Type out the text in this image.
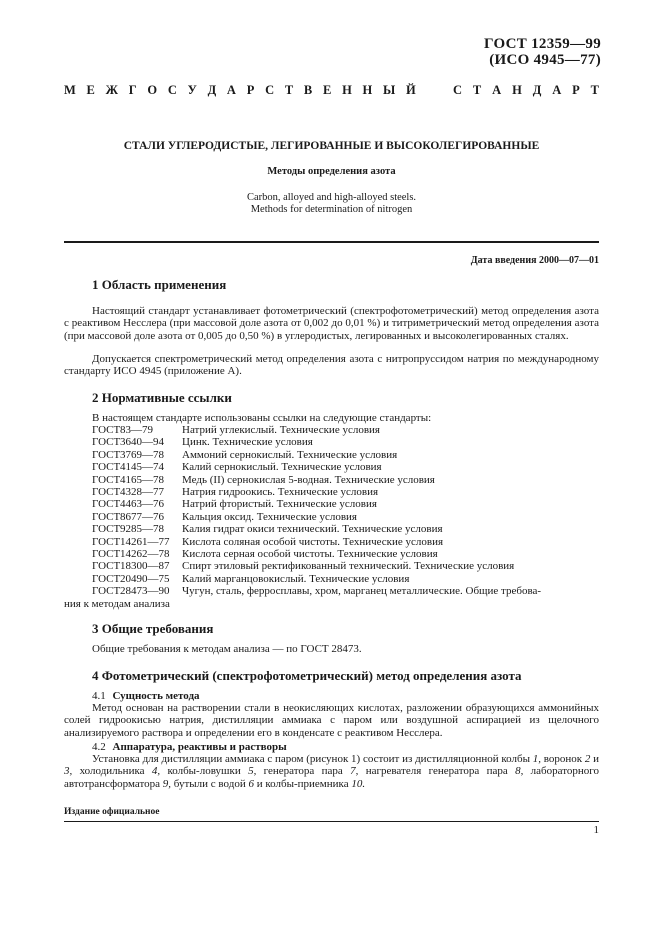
ГОСТ 12359—99
(ИСО 4945—77)
М Е Ж Г О С У Д А Р С Т В Е Н Н Ы Й	С Т А Н Д А Р Т
СТАЛИ УГЛЕРОДИСТЫЕ, ЛЕГИРОВАННЫЕ И ВЫСОКОЛЕГИРОВАННЫЕ
Методы определения азота
Carbon, alloyed and high-alloyed steels.
Methods for determination of nitrogen
Дата введения 2000—07—01
1 Область применения
Настоящий стандарт устанавливает фотометрический (спектрофотометрический) метод определения азота с реактивом Несслера (при массовой доле азота от 0,002 до 0,01 %) и титриметрический метод определения азота (при массовой доле азота от 0,005 до 0,50 %) в углеродистых, легированных и высоколегированных сталях.
Допускается спектрометрический метод определения азота с нитропруссидом натрия по международному стандарту ИСО 4945 (приложение А).
2 Нормативные ссылки
В настоящем стандарте использованы ссылки на следующие стандарты:
ГОСТ 83—79	Натрий углекислый. Технические условия
ГОСТ 3640—94	Цинк. Технические условия
ГОСТ 3769—78	Аммоний сернокислый. Технические условия
ГОСТ 4145—74	Калий сернокислый. Технические условия
ГОСТ 4165—78	Медь (II) сернокислая 5-водная. Технические условия
ГОСТ 4328—77	Натрия гидроокись. Технические условия
ГОСТ 4463—76	Натрий фтористый. Технические условия
ГОСТ 8677—76	Кальция оксид. Технические условия
ГОСТ 9285—78	Калия гидрат окиси технический. Технические условия
ГОСТ 14261—77	Кислота соляная особой чистоты. Технические условия
ГОСТ 14262—78	Кислота серная особой чистоты. Технические условия
ГОСТ 18300—87	Спирт этиловый ректификованный технический. Технические условия
ГОСТ 20490—75	Калий марганцовокислый. Технические условия
ГОСТ 28473—90	Чугун, сталь, ферросплавы, хром, марганец металлические. Общие требова-
ния к методам анализа
3 Общие требования
Общие требования к методам анализа — по ГОСТ 28473.
4 Фотометрический (спектрофотометрический) метод определения азота
4.1 Сущность метода
Метод основан на растворении стали в неокисляющих кислотах, разложении образующихся аммонийных солей гидроокисью натрия, дистилляции аммиака с паром или воздушной аспирацией из щелочного анализируемого раствора и определении его в конденсате с реактивом Несслера.
4.2 Аппаратура, реактивы и растворы
Установка для дистилляции аммиака с паром (рисунок 1) состоит из дистилляционной колбы 1, воронок 2 и 3, холодильника 4, колбы-ловушки 5, генератора пара 7, нагревателя генератора пара 8, лабораторного автотрансформатора 9, бутыли с водой 6 и колбы-приемника 10.
Издание официальное
1
